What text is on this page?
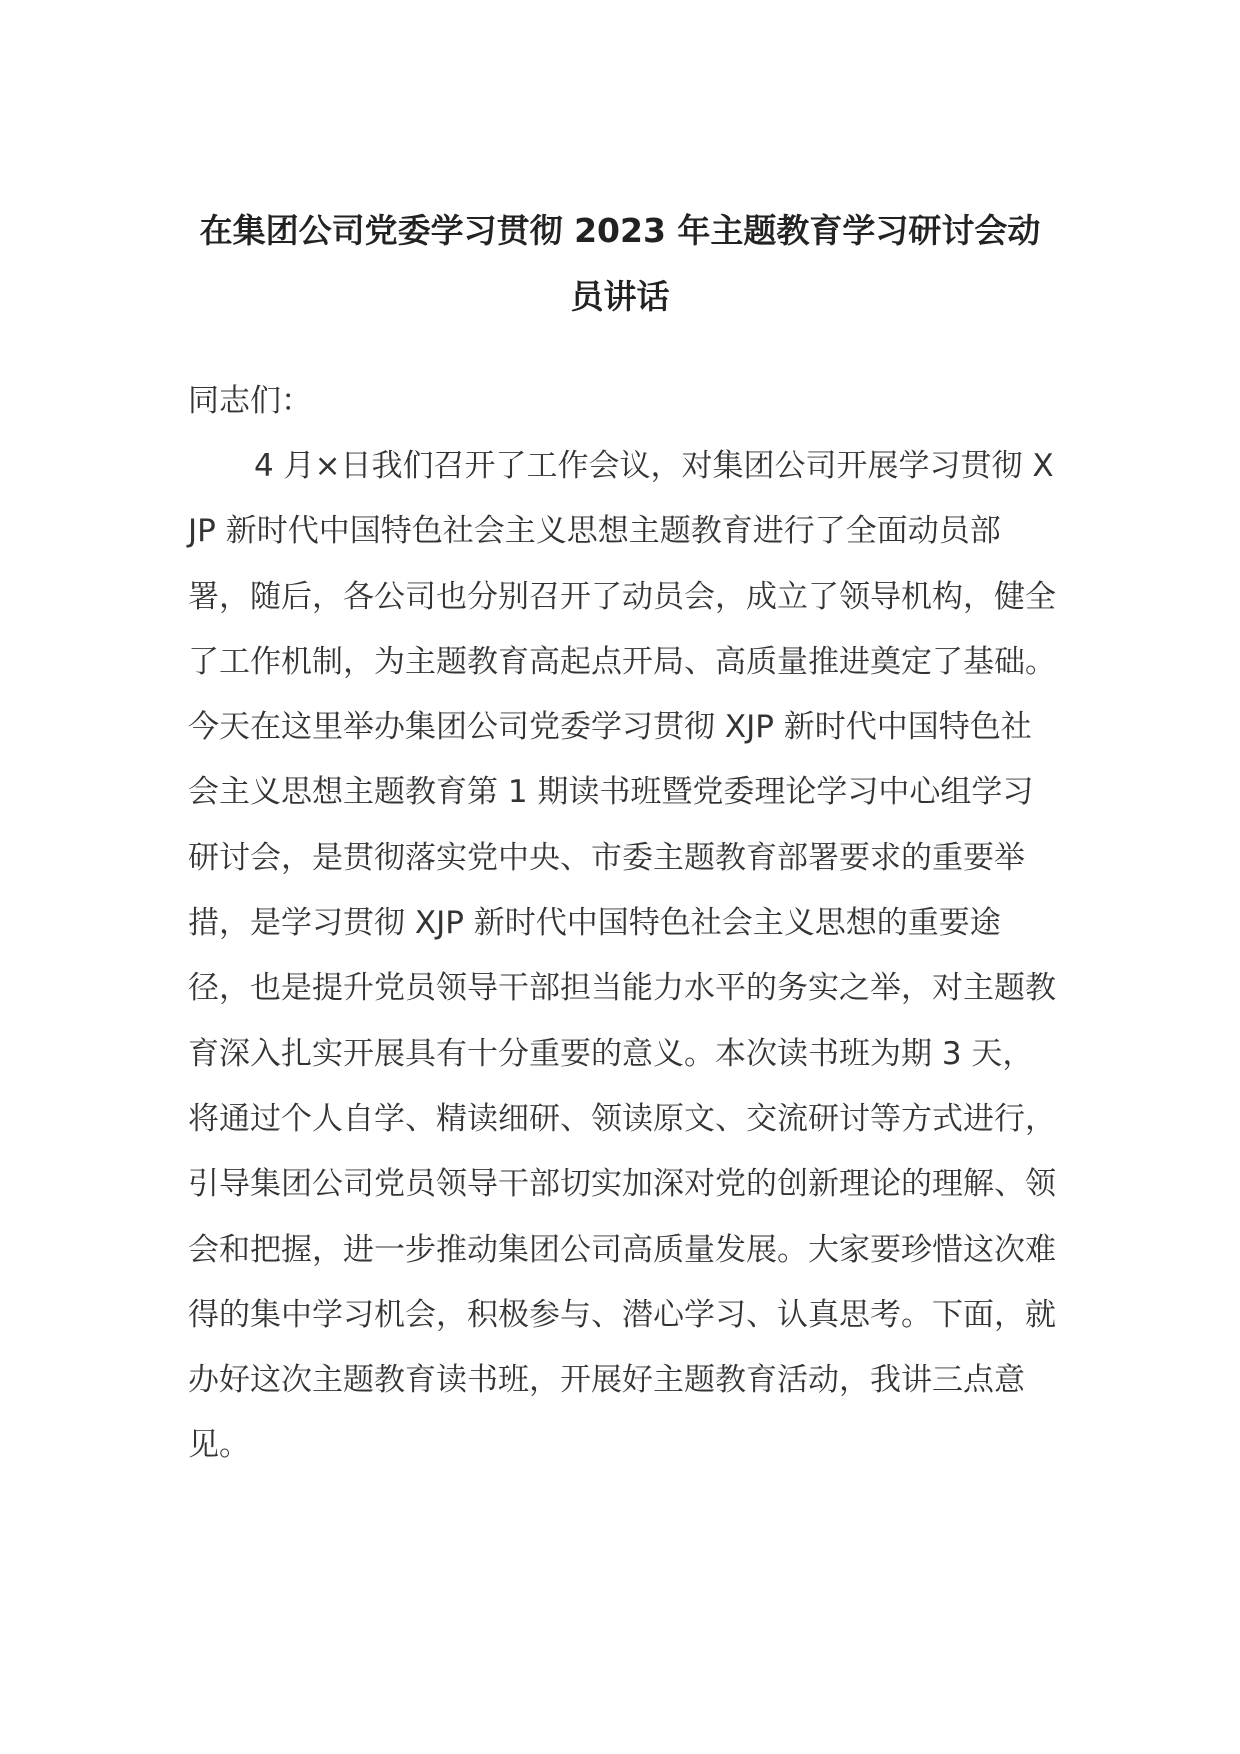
在集团公司党委学习贯彻 2023 年主题教育学习研讨会动员讲话

同志们：

4 月×日我们召开了工作会议，对集团公司开展学习贯彻 XJP 新时代中国特色社会主义思想主题教育进行了全面动员部署，随后，各公司也分别召开了动员会，成立了领导机构，健全了工作机制，为主题教育高起点开局、高质量推进奠定了基础。今天在这里举办集团公司党委学习贯彻 XJP 新时代中国特色社会主义思想主题教育第 1 期读书班暨党委理论学习中心组学习研讨会，是贯彻落实党中央、市委主题教育部署要求的重要举措，是学习贯彻 XJP 新时代中国特色社会主义思想的重要途径，也是提升党员领导干部担当能力水平的务实之举，对主题教育深入扎实开展具有十分重要的意义。本次读书班为期 3 天，将通过个人自学、精读细研、领读原文、交流研讨等方式进行，引导集团公司党员领导干部切实加深对党的创新理论的理解、领会和把握，进一步推动集团公司高质量发展。大家要珍惜这次难得的集中学习机会，积极参与、潜心学习、认真思考。下面，就办好这次主题教育读书班，开展好主题教育活动，我讲三点意见。
